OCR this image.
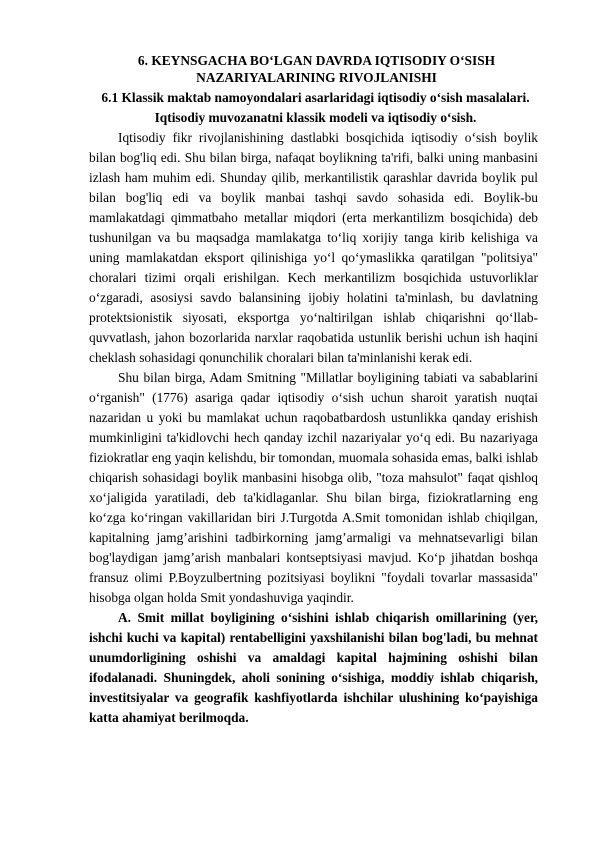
6. KEYNSGACHA BO‘LGAN DAVRDA IQTISODIY O‘SISH NAZARIYALARINING RIVOJLANISHI

6.1 Klassik maktab namoyondalari asarlaridagi iqtisodiy o‘sish masalalari. Iqtisodiy muvozanatni klassik modeli va iqtisodiy o‘sish.

Iqtisodiy fikr rivojlanishining dastlabki bosqichida iqtisodiy o‘sish boylik bilan bog'liq edi. Shu bilan birga, nafaqat boylikning ta'rifi, balki uning manbasini izlash ham muhim edi. Shunday qilib, merkantilistik qarashlar davrida boylik pul bilan bog'liq edi va boylik manbai tashqi savdo sohasida edi. Boylik-bu mamlakatdagi qimmatbaho metallar miqdori (erta merkantilizm bosqichida) deb tushunilgan va bu maqsadga mamlakatga to‘liq xorijiy tanga kirib kelishiga va uning mamlakatdan eksport qilinishiga yo‘l qo‘ymaslikka qaratilgan "politsiya" choralari tizimi orqali erishilgan. Kech merkantilizm bosqichida ustuvorliklar o‘zgaradi, asosiysi savdo balansining ijobiy holatini ta'minlash, bu davlatning protektsionistik siyosati, eksportga yo‘naltirilgan ishlab chiqarishni qo‘llab-quvvatlash, jahon bozorlarida narxlar raqobatida ustunlik berishi uchun ish haqini cheklash sohasidagi qonunchilik choralari bilan ta'minlanishi kerak edi.

Shu bilan birga, Adam Smitning "Millatlar boyligining tabiati va sabablarini o‘rganish" (1776) asariga qadar iqtisodiy o‘sish uchun sharoit yaratish nuqtai nazaridan u yoki bu mamlakat uchun raqobatbardosh ustunlikka qanday erishish mumkinligini ta'kidlovchi hech qanday izchil nazariyalar yo‘q edi. Bu nazariyaga fiziokratlar eng yaqin kelishdu, bir tomondan, muomala sohasida emas, balki ishlab chiqarish sohasidagi boylik manbasini hisobga olib, "toza mahsulot" faqat qishloq xo‘jaligida yaratiladi, deb ta'kidlaganlar. Shu bilan birga, fiziokratlarning eng ko‘zga ko‘ringan vakillaridan biri J.Turgotda A.Smit tomonidan ishlab chiqilgan, kapitalning jamg’arishini tadbirkorning jamg’armaligi va mehnatsevarligi bilan bog'laydigan jamg’arish manbalari kontseptsiyasi mavjud. Ko‘p jihatdan boshqa fransuz olimi P.Boyzulbertning pozitsiyasi boylikni "foydali tovarlar massasida" hisobga olgan holda Smit yondashuviga yaqindir.

A. Smit millat boyligining o‘sishini ishlab chiqarish omillarining (yer, ishchi kuchi va kapital) rentabelligini yaxshilanishi bilan bog'ladi, bu mehnat unumdorligining oshishi va amaldagi kapital hajmining oshishi bilan ifodalanadi. Shuningdek, aholi sonining o‘sishiga, moddiy ishlab chiqarish, investitsiyalar va geografik kashfiyotlarda ishchilar ulushining ko‘payishiga katta ahamiyat berilmoqda.
